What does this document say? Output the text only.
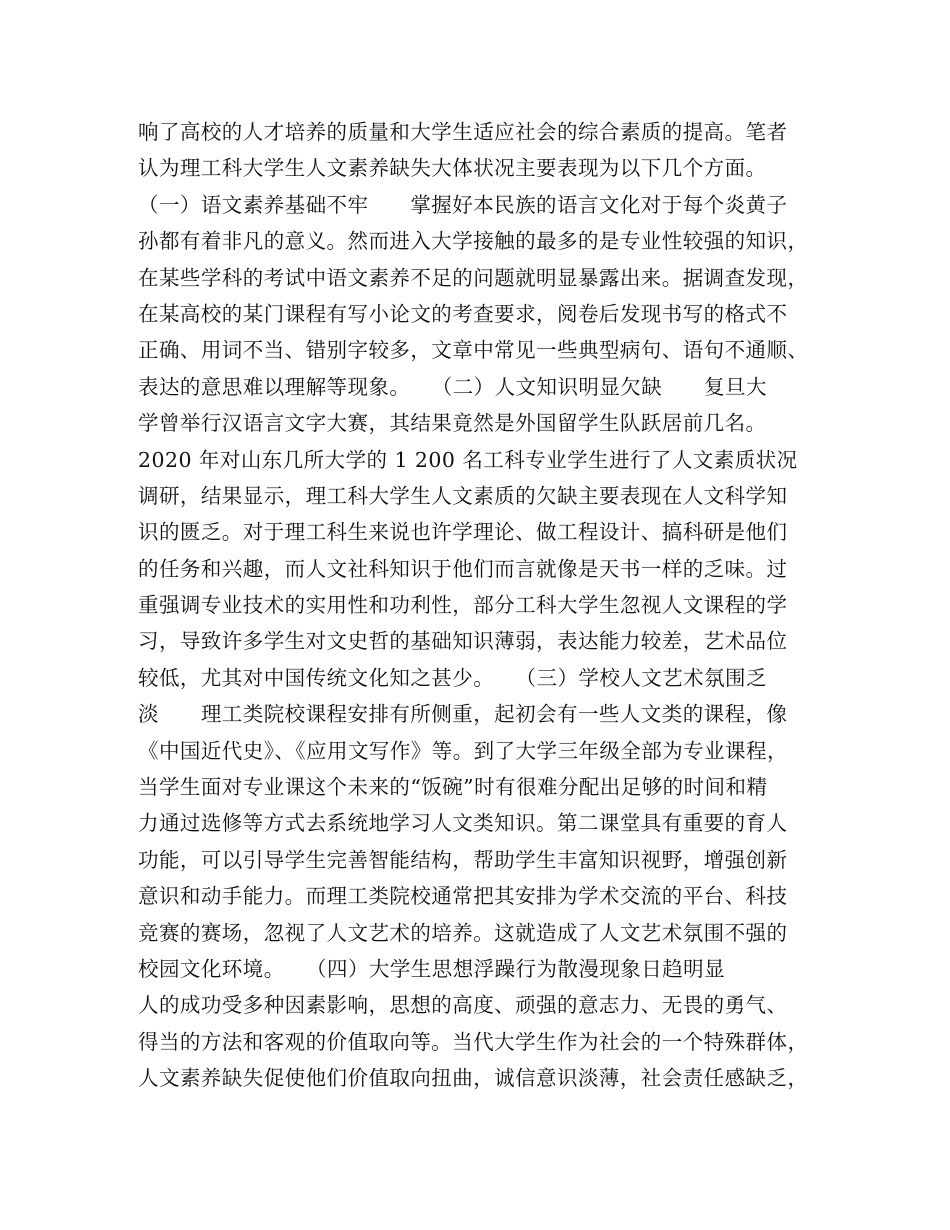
响了高校的人才培养的质量和大学生适应社会的综合素质的提高。笔者
认为理工科大学生人文素养缺失大体状况主要表现为以下几个方面。
（一）语文素养基础不牢　　掌握好本民族的语言文化对于每个炎黄子
孙都有着非凡的意义。然而进入大学接触的最多的是专业性较强的知识，
在某些学科的考试中语文素养不足的问题就明显暴露出来。据调查发现，
在某高校的某门课程有写小论文的考查要求，阅卷后发现书写的格式不
正确、用词不当、错别字较多，文章中常见一些典型病句、语句不通顺、
表达的意思难以理解等现象。　　（二）人文知识明显欠缺　　复旦大
学曾举行汉语言文字大赛，其结果竟然是外国留学生队跃居前几名。
2020 年对山东几所大学的 1 200 名工科专业学生进行了人文素质状况
调研，结果显示，理工科大学生人文素质的欠缺主要表现在人文科学知
识的匮乏。对于理工科生来说也许学理论、做工程设计、搞科研是他们
的任务和兴趣，而人文社科知识于他们而言就像是天书一样的乏味。过
重强调专业技术的实用性和功利性，部分工科大学生忽视人文课程的学
习，导致许多学生对文史哲的基础知识薄弱，表达能力较差，艺术品位
较低，尤其对中国传统文化知之甚少。　　（三）学校人文艺术氛围乏
淡　　理工类院校课程安排有所侧重，起初会有一些人文类的课程，像
《中国近代史》、《应用文写作》等。到了大学三年级全部为专业课程，
当学生面对专业课这个未来的“饭碗”时有很难分配出足够的时间和精
力通过选修等方式去系统地学习人文类知识。第二课堂具有重要的育人
功能，可以引导学生完善智能结构，帮助学生丰富知识视野，增强创新
意识和动手能力。而理工类院校通常把其安排为学术交流的平台、科技
竞赛的赛场，忽视了人文艺术的培养。这就造成了人文艺术氛围不强的
校园文化环境。　　（四）大学生思想浮躁行为散漫现象日趋明显
人的成功受多种因素影响，思想的高度、顽强的意志力、无畏的勇气、
得当的方法和客观的价值取向等。当代大学生作为社会的一个特殊群体，
人文素养缺失促使他们价值取向扭曲，诚信意识淡薄，社会责任感缺乏，
